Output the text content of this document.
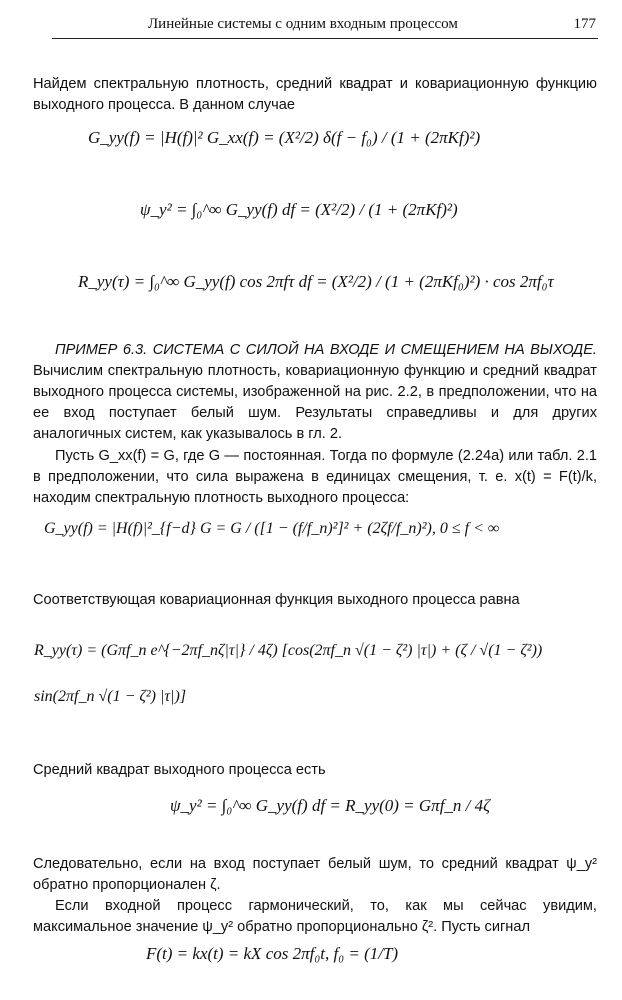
Линейные системы с одним входным процессом	177

Найдем спектральную плотность, средний квадрат и ковариационную функцию выходного процесса. В данном случае

G_yy(f) = |H(f)|² G_xx(f) = (X²/2) δ(f − f₀) / (1 + (2πKf)²)
ψ_y² = ∫₀^∞ G_yy(f) df = (X²/2) / (1 + (2πKf)²)
R_yy(τ) = ∫₀^∞ G_yy(f) cos 2πfτ df = (X²/2) / (1 + (2πKf₀)²) · cos 2πf₀τ

ПРИМЕР 6.3. СИСТЕМА С СИЛОЙ НА ВХОДЕ И СМЕЩЕНИЕМ НА ВЫХОДЕ. Вычислим спектральную плотность, ковариационную функцию и средний квадрат выходного процесса системы, изображенной на рис. 2.2, в предположении, что на ее вход поступает белый шум. Результаты справедливы и для других аналогичных систем, как указывалось в гл. 2.

Пусть G_xx(f) = G, где G — постоянная. Тогда по формуле (2.24a) или табл. 2.1 в предположении, что сила выражена в единицах смещения, т. е. x(t) = F(t)/k, находим спектральную плотность выходного процесса:

G_yy(f) = |H(f)|²_{f−d} G = G / ([1 − (f/f_n)²]² + (2ζf/f_n)²), 0 ≤ f < ∞

Соответствующая ковариационная функция выходного процесса равна

R_yy(τ) = (Gπf_n e^{−2πf_nζ|τ|} / 4ζ) [cos(2πf_n √(1 − ζ²) |τ|) + (ζ / √(1 − ζ²)) sin(2πf_n √(1 − ζ²) |τ|)]

Средний квадрат выходного процесса есть

ψ_y² = ∫₀^∞ G_yy(f) df = R_yy(0) = Gπf_n / 4ζ

Следовательно, если на вход поступает белый шум, то средний квадрат ψ_y² обратно пропорционален ζ.

Если входной процесс гармонический, то, как мы сейчас увидим, максимальное значение ψ_y² обратно пропорционально ζ². Пусть сигнал

F(t) = kx(t) = kX cos 2πf₀t, f₀ = (1/T)
